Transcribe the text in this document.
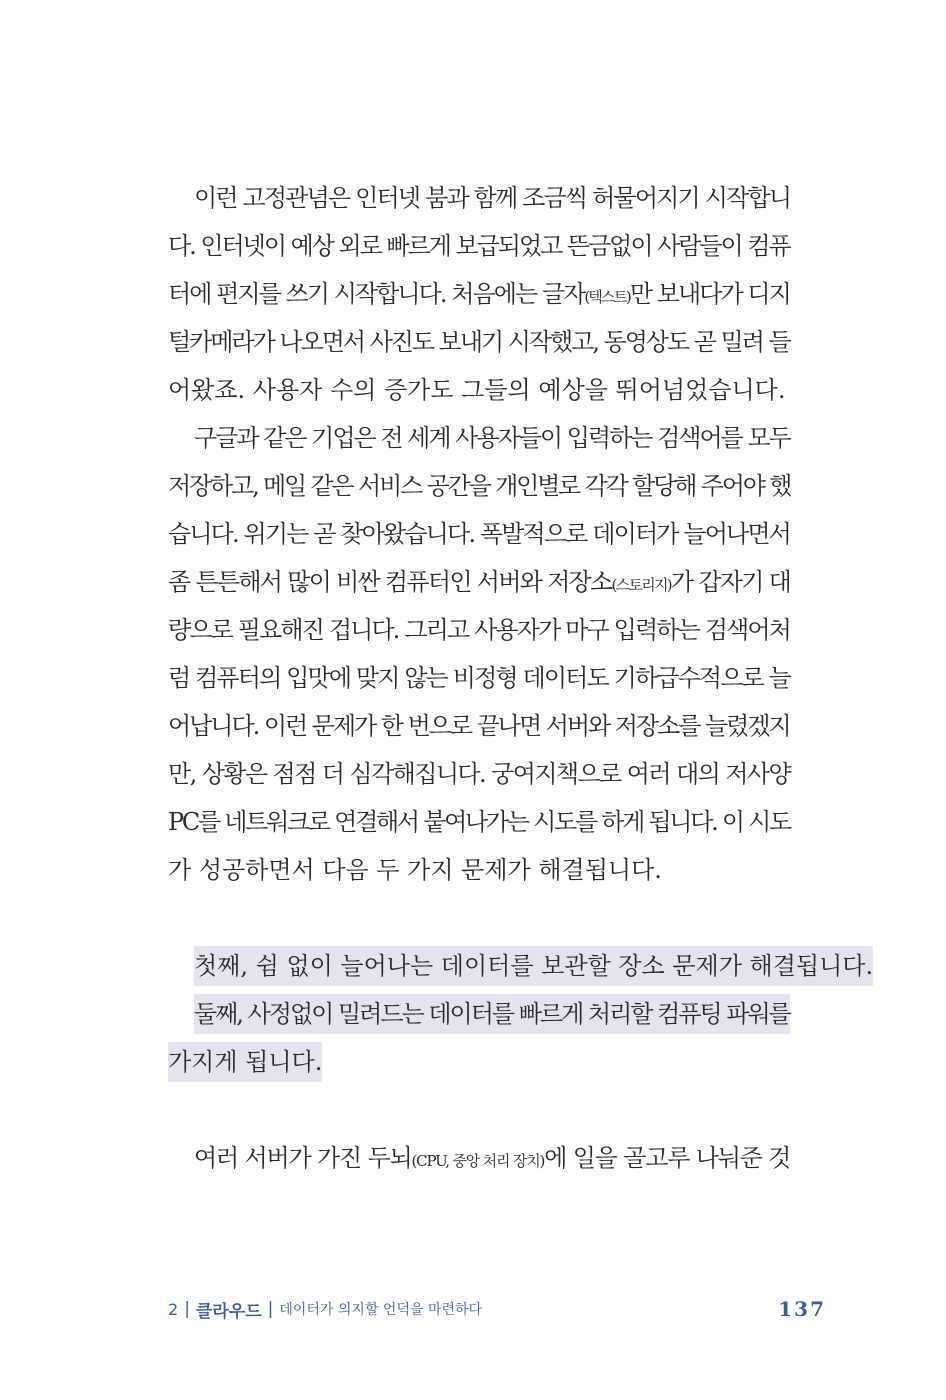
이런 고정관념은 인터넷 붐과 함께 조금씩 허물어지기 시작합니
다. 인터넷이 예상 외로 빠르게 보급되었고 뜬금없이 사람들이 컴퓨
터에 편지를 쓰기 시작합니다. 처음에는 글자(텍스트)만 보내다가 디지
털카메라가 나오면서 사진도 보내기 시작했고, 동영상도 곧 밀려 들
어왔죠. 사용자 수의 증가도 그들의 예상을 뛰어넘었습니다.
구글과 같은 기업은 전 세계 사용자들이 입력하는 검색어를 모두
저장하고, 메일 같은 서비스 공간을 개인별로 각각 할당해 주어야 했
습니다. 위기는 곧 찾아왔습니다. 폭발적으로 데이터가 늘어나면서
좀 튼튼해서 많이 비싼 컴퓨터인 서버와 저장소(스토리지)가 갑자기 대
량으로 필요해진 겁니다. 그리고 사용자가 마구 입력하는 검색어처
럼 컴퓨터의 입맛에 맞지 않는 비정형 데이터도 기하급수적으로 늘
어납니다. 이런 문제가 한 번으로 끝나면 서버와 저장소를 늘렸겠지
만, 상황은 점점 더 심각해집니다. 궁여지책으로 여러 대의 저사양
PC를 네트워크로 연결해서 붙여나가는 시도를 하게 됩니다. 이 시도
가 성공하면서 다음 두 가지 문제가 해결됩니다.
첫째, 쉼 없이 늘어나는 데이터를 보관할 장소 문제가 해결됩니다.
둘째, 사정없이 밀려드는 데이터를 빠르게 처리할 컴퓨팅 파워를
가지게 됩니다.
여러 서버가 가진 두뇌(CPU, 중앙 처리 장치)에 일을 골고루 나눠준 것
2 | 클라우드 | 데이터가 의지할 언덕을 마련하다	137
